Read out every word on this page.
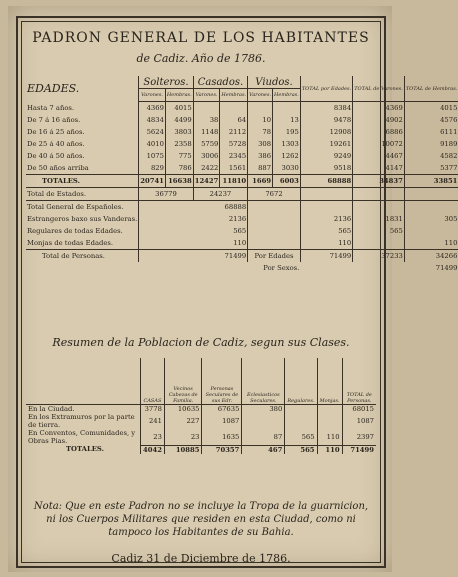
PADRON GENERAL DE LOS HABITANTES
de Cadiz. Año de 1786.
EDADES.	Solteros.		Casados.		Viudos.		TOTAL por Edades.	TOTAL de Varones.	TOTAL de Hembras.
	Varones.	Hembras.	Varones.	Hembras.	Varones.	Hembras.			
Hasta 7 años.	4369	4015					8384	4369	4015
De 7 á 16 años.	4834	4499	38	64	10	13	9478	4902	4576
De 16 á 25 años.	5624	3803	1148	2112	78	195	12908	6886	6111
De 25 á 40 años.	4010	2358	5759	5728	308	1303	19261	10072	9189
De 40 á 50 años.	1075	775	3006	2345	386	1262	9249	4467	4582
De 50 años arriba	829	786	2422	1561	887	3030	9518	4147	5377
TOTALES.	20741	16638	12427	11810	1669	6003	68888	34837	33851
Total de Estados.	36779		24237		7672				
Total General de Españoles.	68888								
Estrangeros baxo sus Vanderas.	2136						2136	1831	305
Regulares de todas Edades.	565						565	565	
Monjas de todas Edades.	110						110		110
Total de Personas.	71499				Por Edades		71499	37233	34266
					Por Sexos.		71499		
Resumen de la Poblacion de Cadiz, segun sus Clases.
	CASAS	Vecinos Cabezas de Familia.	Personas Seculares de sus Edr.	Eclesiasticos Seculares.	Regulares.	Monjas.	TOTAL de Personas.
En la Ciudad.	3778	10635	67635	380			68015
En los Extramuros por la parte de tierra.	241	227	1087				1087
En Conventos, Comunidades, y Obras Pias.	23	23	1635	87	565	110	2397
TOTALES.	4042	10885	70357	467	565	110	71499
Nota: Que en este Padron no se incluye la Tropa de la guarnicion, ni los Cuerpos Militares que residen en esta Ciudad, como ni tampoco los Habitantes de su Bahia.
Cadiz 31 de Diciembre de 1786.
